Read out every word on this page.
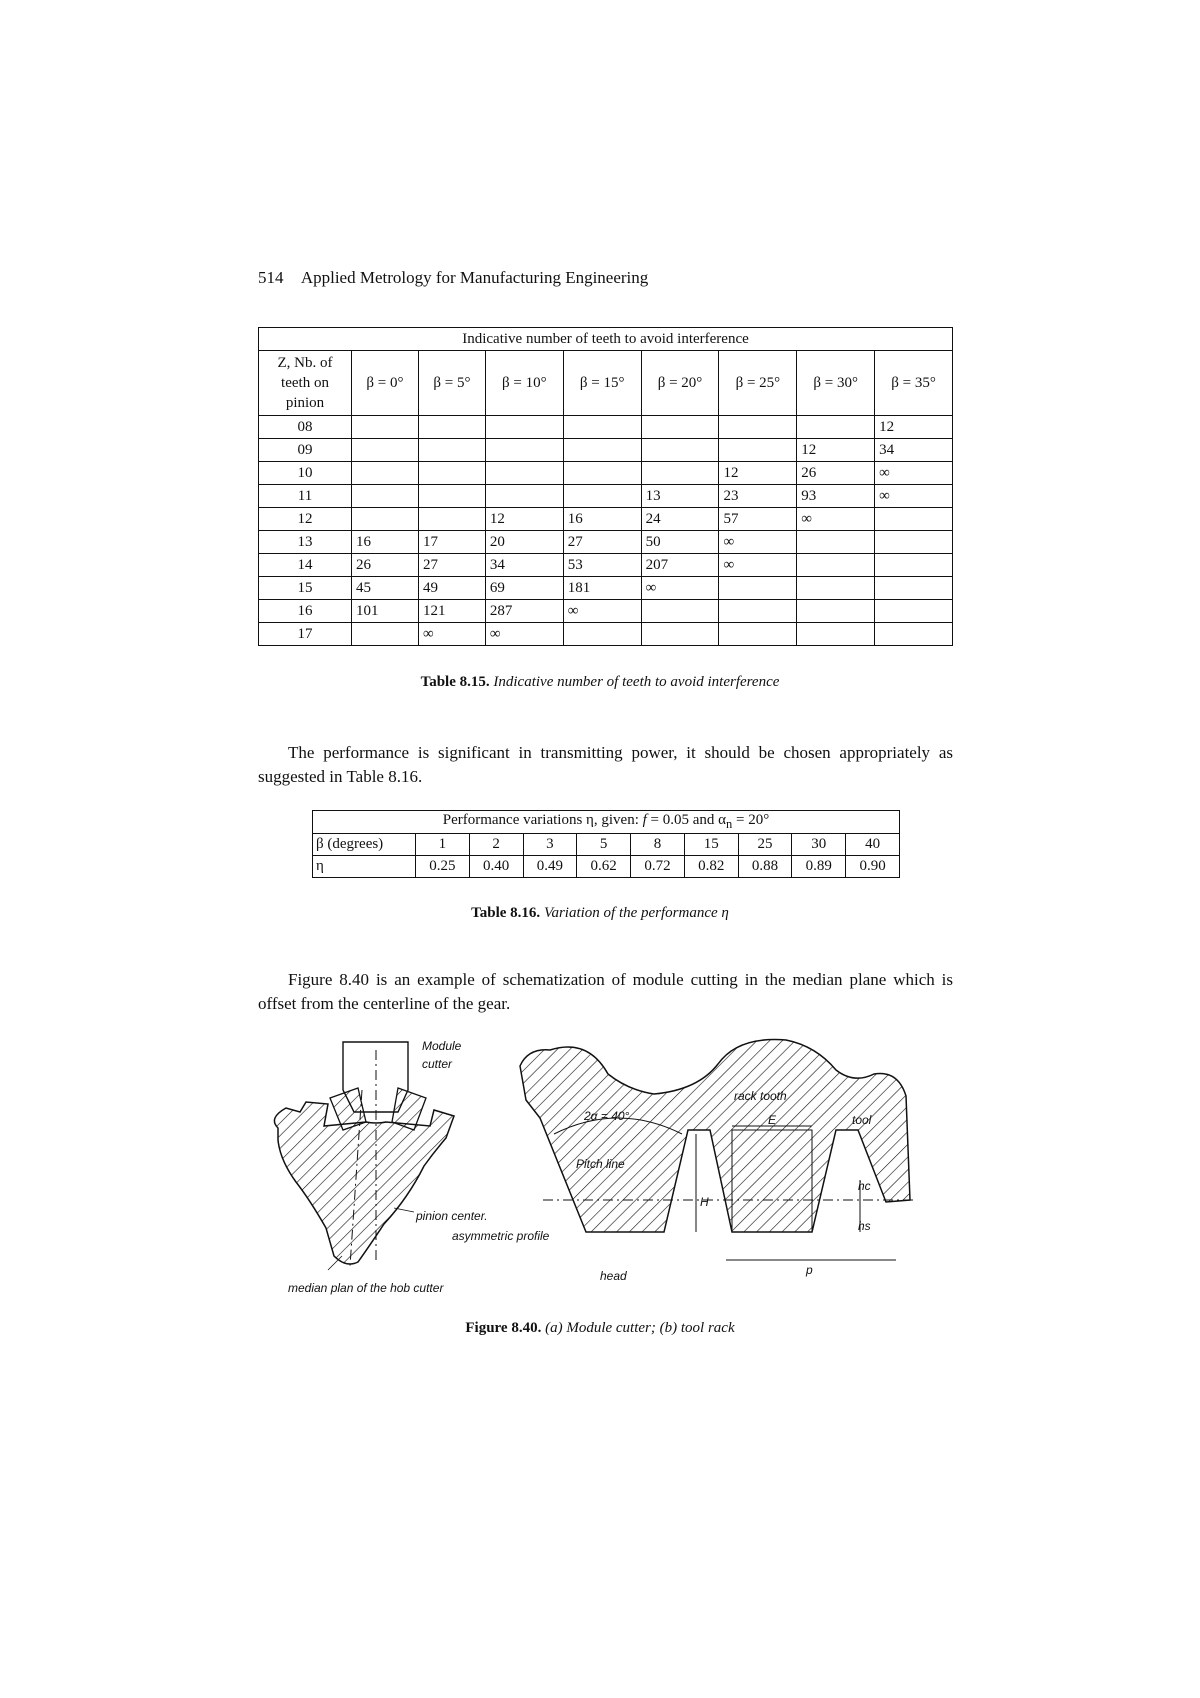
514 Applied Metrology for Manufacturing Engineering
Indicative number of teeth to avoid interference								
Z, Nb. of teeth on pinion	β = 0°	β = 5°	β = 10°	β = 15°	β = 20°	β = 25°	β = 30°	β = 35°
08								12
09							12	34
10						12	26	∞
11					13	23	93	∞
12			12	16	24	57	∞	
13	16	17	20	27	50	∞		
14	26	27	34	53	207	∞		
15	45	49	69	181	∞			
16	101	121	287	∞				
17		∞	∞					
Table 8.15. Indicative number of teeth to avoid interference
The performance is significant in transmitting power, it should be chosen appropriately as suggested in Table 8.16.
Performance variations η, given: f = 0.05 and $\alpha_n = 20^\circ$									
β (degrees)	1	2	3	5	8	15	25	30	40
η	0.25	0.40	0.49	0.62	0.72	0.82	0.88	0.89	0.90
Table 8.16. Variation of the performance η
Figure 8.40 is an example of schematization of module cutting in the median plane which is offset from the centerline of the gear.
Module
cutter
pinion center.
asymmetric profile
median plan of the hob cutter
2α = 40°
rack tooth
tool
Pitch line
E
H
hc
hs
p
head
Figure 8.40. (a) Module cutter; (b) tool rack
